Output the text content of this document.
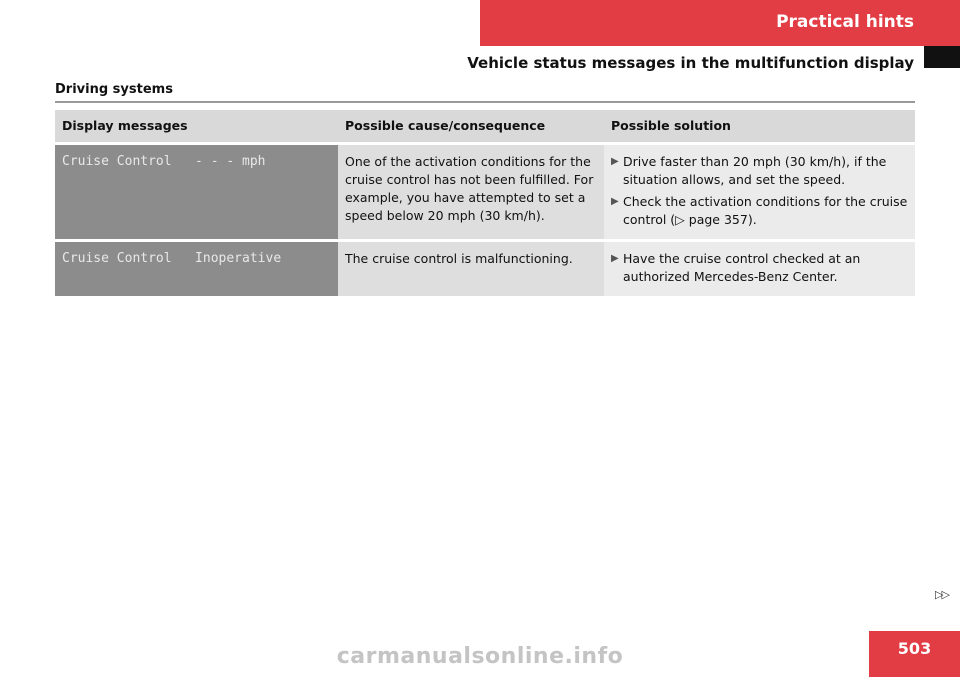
Practical hints
Vehicle status messages in the multifunction display
Driving systems
Display messages	Possible cause/consequence	Possible solution
Cruise Control   - - - mph	One of the activation conditions for the cruise control has not been fulfilled. For example, you have attempted to set a speed below 20 mph (30 km/h).	▶ Drive faster than 20 mph (30 km/h), if the situation allows, and set the speed.
▶ Check the activation conditions for the cruise control (▷ page 357).

Cruise Control   Inoperative	The cruise control is malfunctioning.	▶ Have the cruise control checked at an authorized Mercedes-Benz Center.
▷▷
503
carmanualsonline.info
